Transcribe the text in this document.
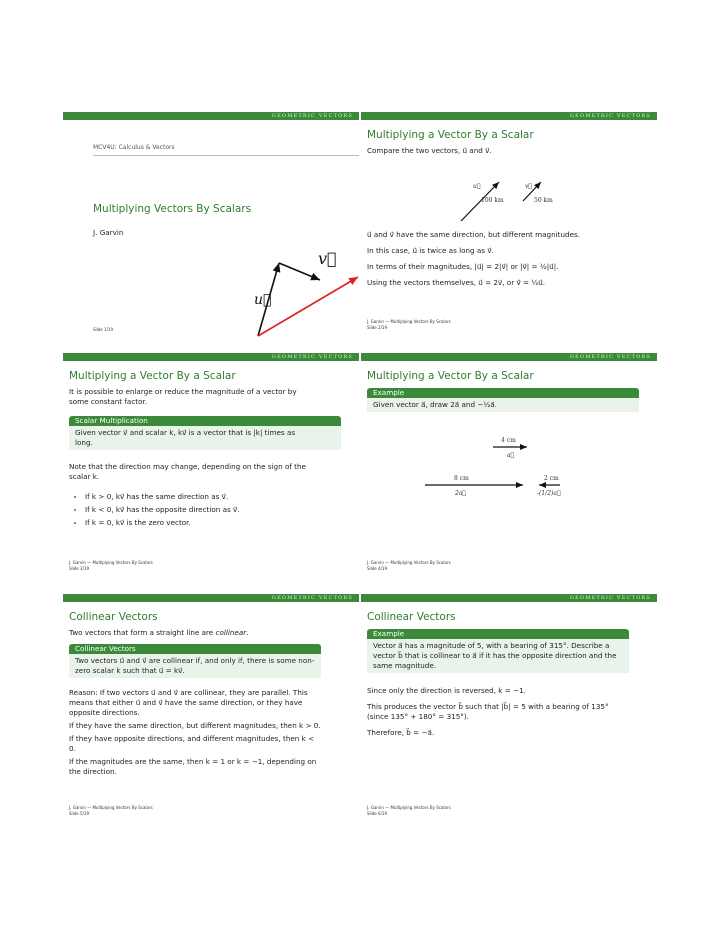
GEOMETRIC VECTORS
MCV4U: Calculus & Vectors
Multiplying Vectors By Scalars
J. Garvin
v⃗
u⃗
Slide 1/19
GEOMETRIC VECTORS
Multiplying a Vector By a Scalar
Compare the two vectors, u⃗ and v⃗.
u⃗	v⃗
100 km	50 km
u⃗ and v⃗ have the same direction, but different magnitudes.
In this case, u⃗ is twice as long as v⃗.
In terms of their magnitudes, |u⃗| = 2|v⃗| or |v⃗| = ½|u⃗|.
Using the vectors themselves, u⃗ = 2v⃗, or v⃗ = ½u⃗.
J. Garvin — Multiplying Vectors By Scalars
Slide 2/19
GEOMETRIC VECTORS
Multiplying a Vector By a Scalar
It is possible to enlarge or reduce the magnitude of a vector by some constant factor.
Scalar Multiplication
Given vector v⃗ and scalar k, kv⃗ is a vector that is |k| times as long.
Note that the direction may change, depending on the sign of the scalar k.
• If k > 0, kv⃗ has the same direction as v⃗.
• If k < 0, kv⃗ has the opposite direction as v⃗.
• If k = 0, kv⃗ is the zero vector.
J. Garvin — Multiplying Vectors By Scalars
Slide 3/19
GEOMETRIC VECTORS
Multiplying a Vector By a Scalar
Example
Given vector a⃗, draw 2a⃗ and −½a⃗.
4 cm
a⃗
8 cm
2a⃗
2 cm
-(1/2)a⃗
J. Garvin — Multiplying Vectors By Scalars
Slide 4/19
GEOMETRIC VECTORS
Collinear Vectors
Two vectors that form a straight line are collinear.
Collinear Vectors
Two vectors u⃗ and v⃗ are collinear if, and only if, there is some non-zero scalar k such that u⃗ = kv⃗.
Reason: If two vectors u⃗ and v⃗ are collinear, they are parallel. This means that either u⃗ and v⃗ have the same direction, or they have opposite directions.
If they have the same direction, but different magnitudes, then k > 0.
If they have opposite directions, and different magnitudes, then k < 0.
If the magnitudes are the same, then k = 1 or k = −1, depending on the direction.
J. Garvin — Multiplying Vectors By Scalars
Slide 5/19
GEOMETRIC VECTORS
Collinear Vectors
Example
Vector a⃗ has a magnitude of 5, with a bearing of 315°. Describe a vector b⃗ that is collinear to a⃗ if it has the opposite direction and the same magnitude.
Since only the direction is reversed, k = −1.
This produces the vector b⃗ such that |b⃗| = 5 with a bearing of 135° (since 135° + 180° = 315°).
Therefore, b⃗ = −a⃗.
J. Garvin — Multiplying Vectors By Scalars
Slide 6/19
